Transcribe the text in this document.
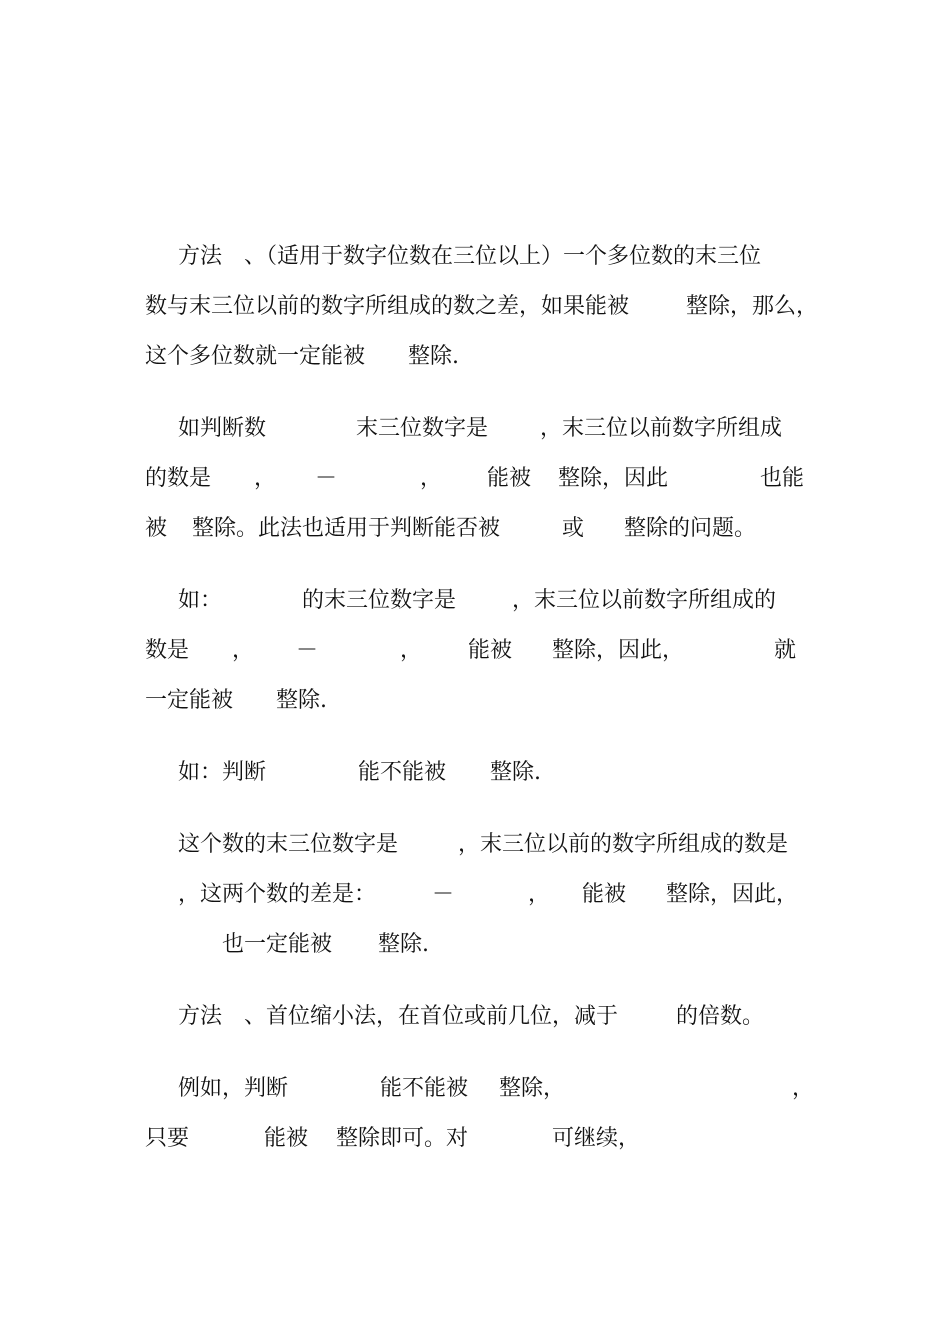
方法 、（适用于数字位数在三位以上）一个多位数的末三位
数与末三位以前的数字所组成的数之差，如果能被	整除，那么，
这个多位数就一定能被 整除.
如判断数	末三位数字是 ，末三位以前数字所组成
的数是 ， －	， 能被 整除，因此	也能
被 整除。此法也适用于判断能否被	或 整除的问题。
如：	的末三位数字是	，末三位以前数字所组成的
数是 ， －	， 能被 整除，因此，	就
一定能被 整除.
如：判断	能不能被 整除.
这个数的末三位数字是	，末三位以前的数字所组成的数是
，这两个数的差是：	－	， 能被 整除，因此，
也一定能被 整除.
方法 、首位缩小法，在首位或前几位，减于	的倍数。
例如，判断	能不能被 整除，	，
只要	能被 整除即可。对	可继续，
